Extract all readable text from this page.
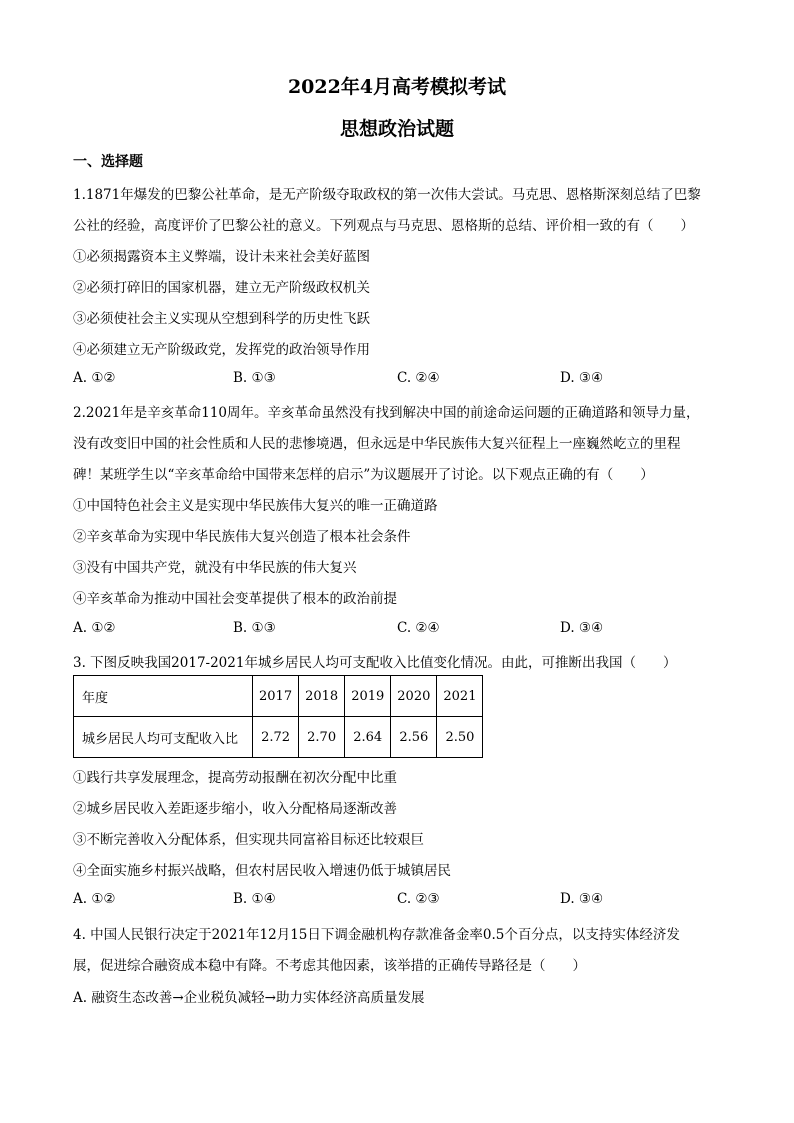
2022年4月高考模拟考试
思想政治试题
一、选择题
1.1871年爆发的巴黎公社革命，是无产阶级夺取政权的第一次伟大尝试。马克思、恩格斯深刻总结了巴黎
公社的经验，高度评价了巴黎公社的意义。下列观点与马克思、恩格斯的总结、评价相一致的有（　　）
①必须揭露资本主义弊端，设计未来社会美好蓝图
②必须打碎旧的国家机器，建立无产阶级政权机关
③必须使社会主义实现从空想到科学的历史性飞跃
④必须建立无产阶级政党，发挥党的政治领导作用
A. ①②	B. ①③	C. ②④	D. ③④
2.2021年是辛亥革命110周年。辛亥革命虽然没有找到解决中国的前途命运问题的正确道路和领导力量，
没有改变旧中国的社会性质和人民的悲惨境遇，但永远是中华民族伟大复兴征程上一座巍然屹立的里程
碑！某班学生以“辛亥革命给中国带来怎样的启示”为议题展开了讨论。以下观点正确的有（　　）
①中国特色社会主义是实现中华民族伟大复兴的唯一正确道路
②辛亥革命为实现中华民族伟大复兴创造了根本社会条件
③没有中国共产党，就没有中华民族的伟大复兴
④辛亥革命为推动中国社会变革提供了根本的政治前提
A. ①②	B. ①③	C. ②④	D. ③④
3. 下图反映我国2017-2021年城乡居民人均可支配收入比值变化情况。由此，可推断出我国（　　）
年度	2017	2018	2019	2020	2021
城乡居民人均可支配收入比	2.72	2.70	2.64	2.56	2.50
①践行共享发展理念，提高劳动报酬在初次分配中比重
②城乡居民收入差距逐步缩小，收入分配格局逐渐改善
③不断完善收入分配体系，但实现共同富裕目标还比较艰巨
④全面实施乡村振兴战略，但农村居民收入增速仍低于城镇居民
A. ①②	B. ①④	C. ②③	D. ③④
4. 中国人民银行决定于2021年12月15日下调金融机构存款准备金率0.5个百分点，以支持实体经济发
展，促进综合融资成本稳中有降。不考虑其他因素，该举措的正确传导路径是（　　）
A. 融资生态改善→企业税负减轻→助力实体经济高质量发展
